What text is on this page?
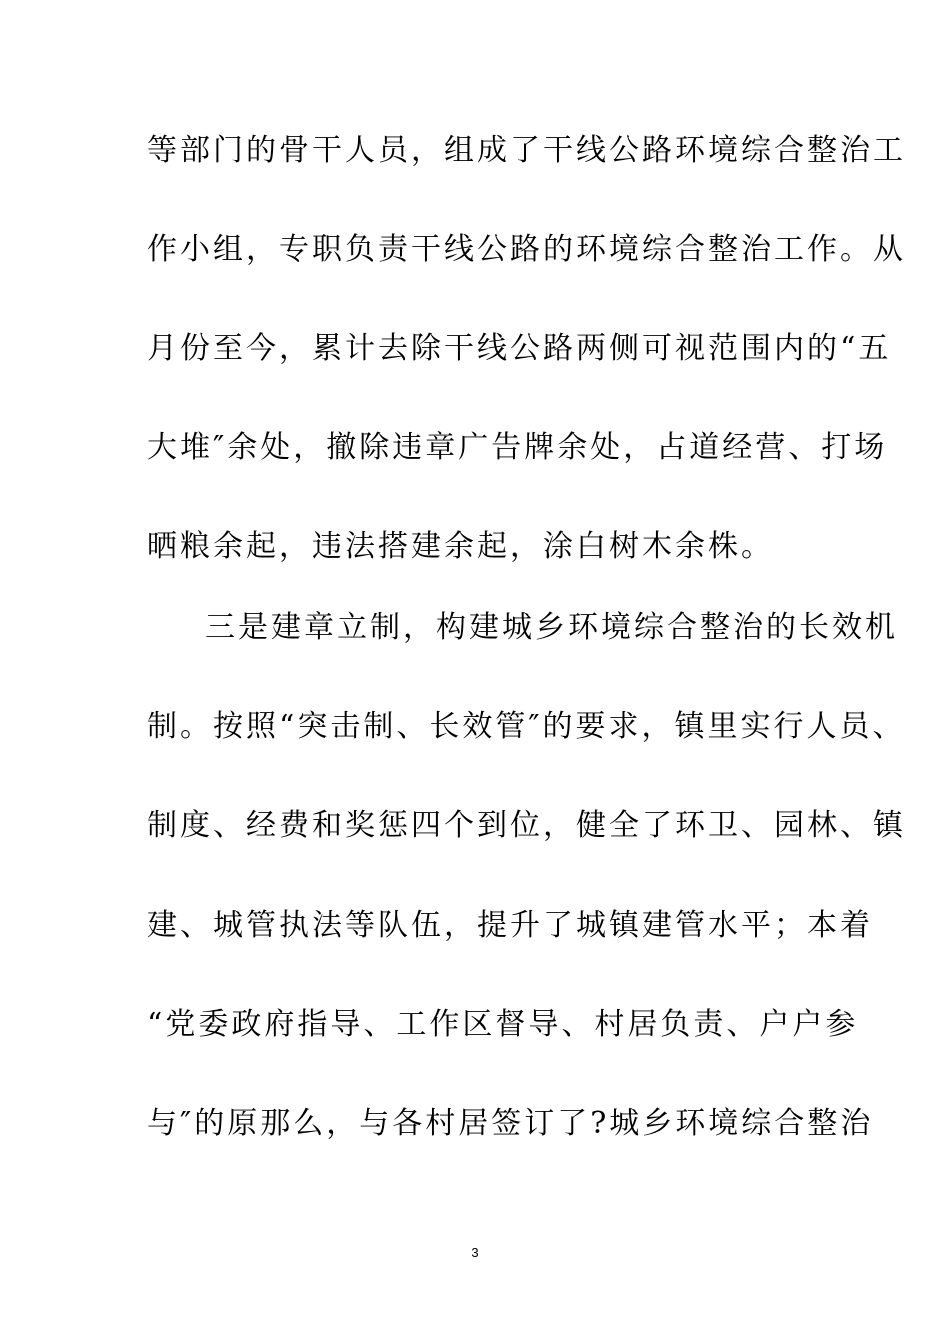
等部门的骨干人员，组成了干线公路环境综合整治工
作小组，专职负责干线公路的环境综合整治工作。从
月份至今，累计去除干线公路两侧可视范围内的“五
大堆″余处，撤除违章广告牌余处，占道经营、打场
晒粮余起，违法搭建余起，涂白树木余株。
三是建章立制，构建城乡环境综合整治的长效机
制。按照“突击制、长效管″的要求，镇里实行人员、
制度、经费和奖惩四个到位，健全了环卫、园林、镇
建、城管执法等队伍，提升了城镇建管水平；本着
“党委政府指导、工作区督导、村居负责、户户参
与″的原那么，与各村居签订了?城乡环境综合整治
3
